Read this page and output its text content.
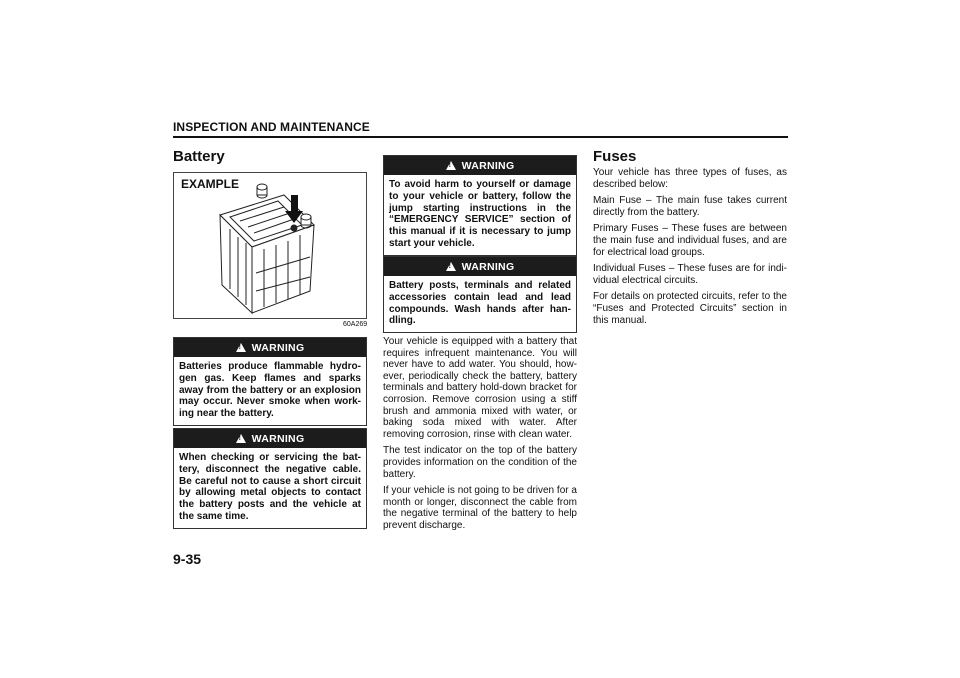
INSPECTION AND MAINTENANCE
Battery
EXAMPLE
60A269
!
WARNING
Batteries produce flammable hydro-gen gas. Keep flames and sparks away from the battery or an explosion may occur. Never smoke when work-ing near the battery.
!
WARNING
When checking or servicing the bat-tery, disconnect the negative cable. Be careful not to cause a short circuit by allowing metal objects to contact the battery posts and the vehicle at the same time.
!
WARNING
To avoid harm to yourself or damage to your vehicle or battery, follow the jump starting instructions in the “EMERGENCY SERVICE” section of this manual if it is necessary to jump start your vehicle.
!
WARNING
Battery posts, terminals and related accessories contain lead and lead compounds. Wash hands after han-dling.

Your vehicle is equipped with a battery that requires infrequent maintenance. You will never have to add water. You should, how-ever, periodically check the battery, battery terminals and battery hold-down bracket for corrosion. Remove corrosion using a stiff brush and ammonia mixed with water, or baking soda mixed with water. After removing corrosion, rinse with clean water.

The test indicator on the top of the battery provides information on the condition of the battery.

If your vehicle is not going to be driven for a month or longer, disconnect the cable from the negative terminal of the battery to help prevent discharge.

Fuses

Your vehicle has three types of fuses, as described below:

Main Fuse – The main fuse takes current directly from the battery.

Primary Fuses – These fuses are between the main fuse and individual fuses, and are for electrical load groups.

Individual Fuses – These fuses are for indi-vidual electrical circuits.

For details on protected circuits, refer to the “Fuses and Protected Circuits” section in this manual.

9-35
